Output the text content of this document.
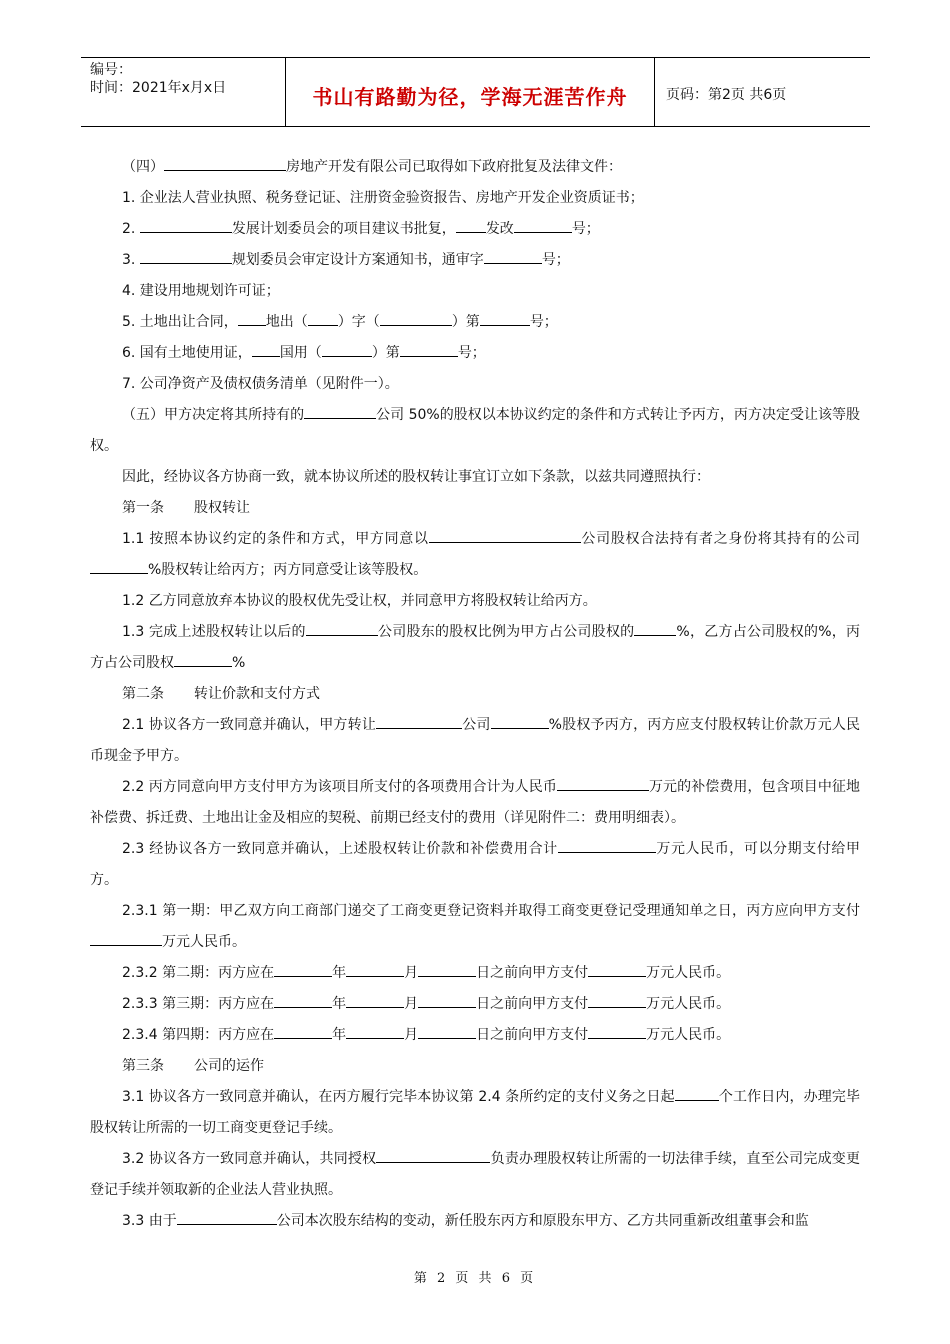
编号：
时间：2021年x月x日	书山有路勤为径，学海无涯苦作舟	页码：第2页 共6页

（四）	房地产开发有限公司已取得如下政府批复及法律文件：

1. 企业法人营业执照、税务登记证、注册资金验资报告、房地产开发企业资质证书；

2.	发展计划委员会的项目建议书批复， 发改	号；

3.	规划委员会审定设计方案通知书，通审字	号；

4. 建设用地规划许可证；

5. 土地出让合同， 地出（ ）字（	）第	号；

6. 国有土地使用证， 国用（	）第	号；

7. 公司净资产及债权债务清单（见附件一）。

（五）甲方决定将其所持有的	公司 50%的股权以本协议约定的条件和方式转让予丙方，丙方决定受让该等股权。

因此，经协议各方协商一致，就本协议所述的股权转让事宜订立如下条款，以兹共同遵照执行：

第一条 股权转让

1.1 按照本协议约定的条件和方式，甲方同意以	公司股权合法持有者之身份将其持有的公司%股权转让给丙方；丙方同意受让该等股权。

1.2 乙方同意放弃本协议的股权优先受让权，并同意甲方将股权转让给丙方。

1.3 完成上述股权转让以后的	公司股东的股权比例为甲方占公司股权的	%，乙方占公司股权的%，丙方占公司股权	%

第二条 转让价款和支付方式

2.1 协议各方一致同意并确认，甲方转让	公司	%股权予丙方，丙方应支付股权转让价款万元人民币现金予甲方。

2.2 丙方同意向甲方支付甲方为该项目所支付的各项费用合计为人民币	万元的补偿费用，包含项目中征地补偿费、拆迁费、土地出让金及相应的契税、前期已经支付的费用（详见附件二：费用明细表）。

2.3 经协议各方一致同意并确认，上述股权转让价款和补偿费用合计	万元人民币，可以分期支付给甲方。

2.3.1 第一期：甲乙双方向工商部门递交了工商变更登记资料并取得工商变更登记受理通知单之日，丙方应向甲方支付万元人民币。

2.3.2 第二期：丙方应在	年	月	日之前向甲方支付	万元人民币。

2.3.3 第三期：丙方应在	年	月	日之前向甲方支付	万元人民币。

2.3.4 第四期：丙方应在	年	月	日之前向甲方支付	万元人民币。

第三条 公司的运作

3.1 协议各方一致同意并确认，在丙方履行完毕本协议第 2.4 条所约定的支付义务之日起	个工作日内，办理完毕股权转让所需的一切工商变更登记手续。

3.2 协议各方一致同意并确认，共同授权	负责办理股权转让所需的一切法律手续，直至公司完成变更登记手续并领取新的企业法人营业执照。

3.3 由于	公司本次股东结构的变动，新任股东丙方和原股东甲方、乙方共同重新改组董事会和监

第 2 页 共 6 页
